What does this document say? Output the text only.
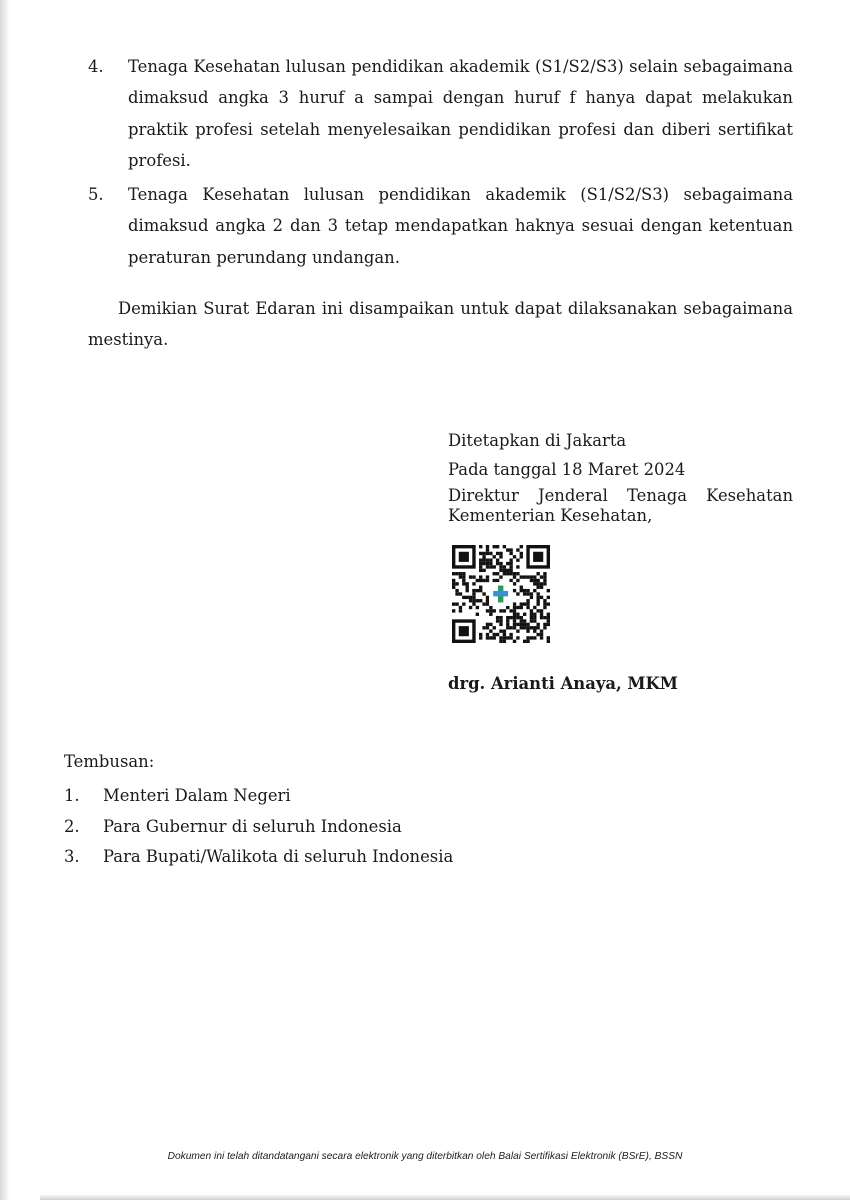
4. Tenaga Kesehatan lulusan pendidikan akademik (S1/S2/S3) selain sebagaimana dimaksud angka 3 huruf a sampai dengan huruf f hanya dapat melakukan praktik profesi setelah menyelesaikan pendidikan profesi dan diberi sertifikat profesi.
5. Tenaga Kesehatan lulusan pendidikan akademik (S1/S2/S3) sebagaimana dimaksud angka 2 dan 3 tetap mendapatkan haknya sesuai dengan ketentuan peraturan perundang undangan.

Demikian Surat Edaran ini disampaikan untuk dapat dilaksanakan sebagaimana mestinya.

Ditetapkan di Jakarta
Pada tanggal 18 Maret 2024
Direktur Jenderal Tenaga Kesehatan
Kementerian Kesehatan,
drg. Arianti Anaya, MKM
Tembusan:
1. Menteri Dalam Negeri
2. Para Gubernur di seluruh Indonesia
3. Para Bupati/Walikota di seluruh Indonesia
Dokumen ini telah ditandatangani secara elektronik yang diterbitkan oleh Balai Sertifikasi Elektronik (BSrE), BSSN
